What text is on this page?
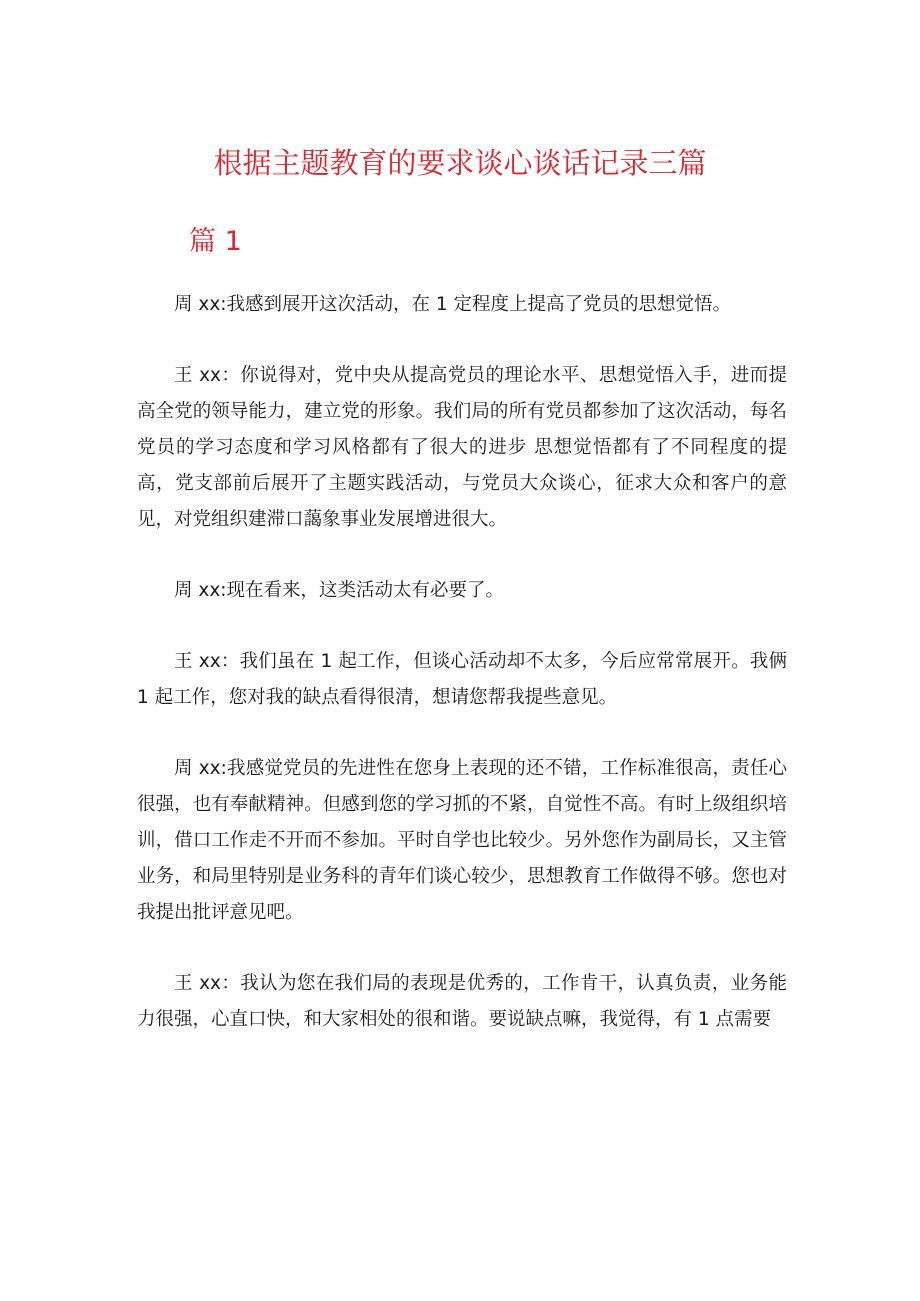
根据主题教育的要求谈心谈话记录三篇
篇 1

周 xx:我感到展开这次活动，在 1 定程度上提高了党员的思想觉悟。

王 xx：你说得对，党中央从提高党员的理论水平、思想觉悟入手，进而提高全党的领导能力，建立党的形象。我们局的所有党员都参加了这次活动，每名党员的学习态度和学习风格都有了很大的进步 思想觉悟都有了不同程度的提高，党支部前后展开了主题实践活动，与党员大众谈心，征求大众和客户的意见，对党组织建滞口藹象事业发展增进很大。

周 xx:现在看来，这类活动太有必要了。

王 xx：我们虽在 1 起工作，但谈心活动却不太多，今后应常常展开。我俩 1 起工作，您对我的缺点看得很清，想请您帮我提些意见。

周 xx:我感觉党员的先进性在您身上表现的还不错，工作标准很高，责任心很强，也有奉献精神。但感到您的学习抓的不紧，自觉性不高。有时上级组织培训，借口工作走不开而不参加。平时自学也比较少。另外您作为副局长，又主管业务，和局里特别是业务科的青年们谈心较少，思想教育工作做得不够。您也对我提出批评意见吧。

王 xx：我认为您在我们局的表现是优秀的，工作肯干，认真负责，业务能力很强，心直口快，和大家相处的很和谐。要说缺点嘛，我觉得，有 1 点需要
